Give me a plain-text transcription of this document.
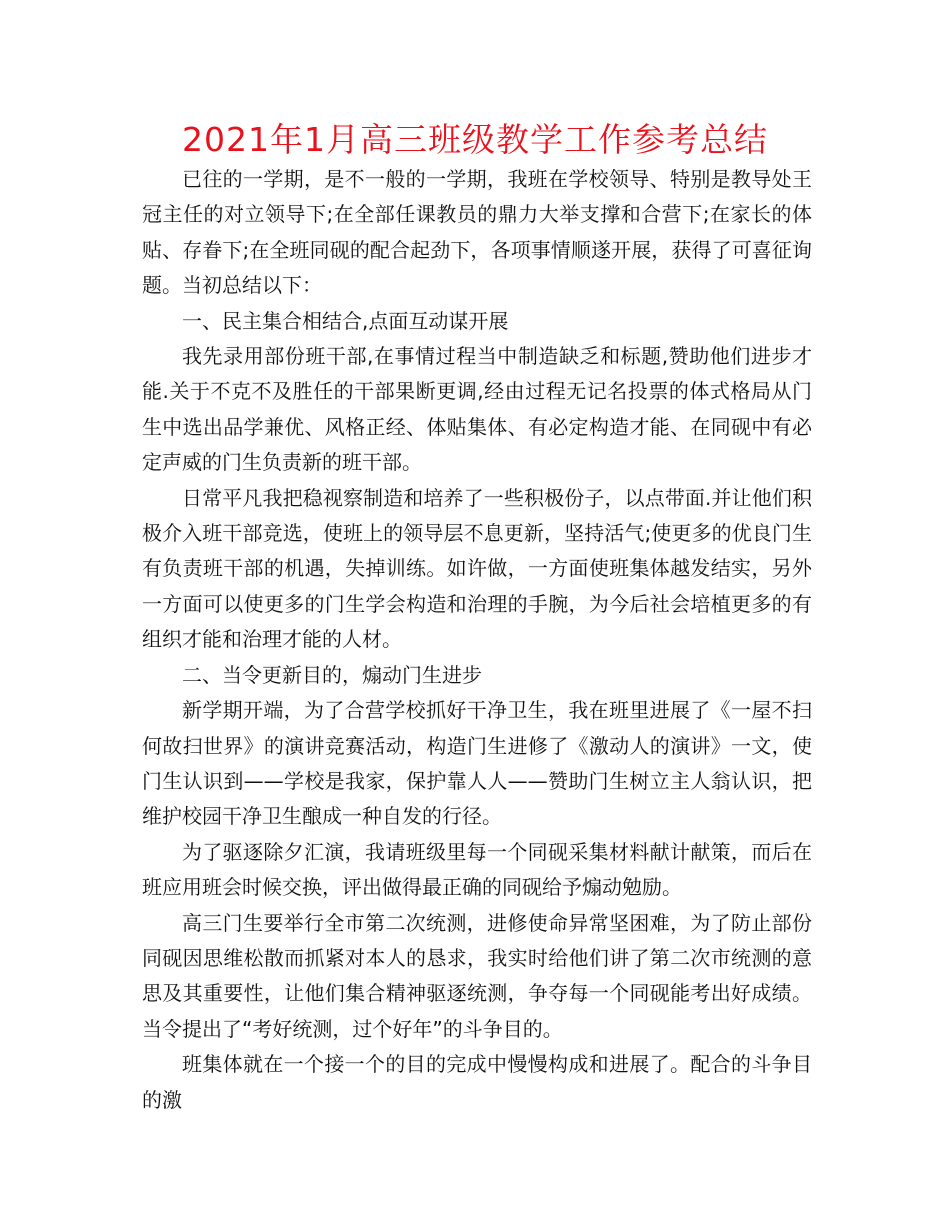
2021年1月高三班级教学工作参考总结

已往的一学期，是不一般的一学期，我班在学校领导、特别是教导处王冠主任的对立领导下;在全部任课教员的鼎力大举支撑和合营下;在家长的体贴、存眷下;在全班同砚的配合起劲下，各项事情顺遂开展，获得了可喜征询题。当初总结以下：

一、民主集合相结合,点面互动谋开展

我先录用部份班干部,在事情过程当中制造缺乏和标题,赞助他们进步才能.关于不克不及胜任的干部果断更调,经由过程无记名投票的体式格局从门生中选出品学兼优、风格正经、体贴集体、有必定构造才能、在同砚中有必定声威的门生负责新的班干部。

日常平凡我把稳视察制造和培养了一些积极份子，以点带面.并让他们积极介入班干部竞选，使班上的领导层不息更新，坚持活气;使更多的优良门生有负责班干部的机遇，失掉训练。如许做，一方面使班集体越发结实，另外一方面可以使更多的门生学会构造和治理的手腕，为今后社会培植更多的有组织才能和治理才能的人材。

二、当令更新目的，煽动门生进步

新学期开端，为了合营学校抓好干净卫生，我在班里进展了《一屋不扫何故扫世界》的演讲竞赛活动，构造门生进修了《激动人的演讲》一文，使门生认识到——学校是我家，保护靠人人——赞助门生树立主人翁认识，把维护校园干净卫生酿成一种自发的行径。

为了驱逐除夕汇演，我请班级里每一个同砚采集材料献计献策，而后在班应用班会时候交换，评出做得最正确的同砚给予煽动勉励。

高三门生要举行全市第二次统测，进修使命异常坚困难，为了防止部份同砚因思维松散而抓紧对本人的恳求，我实时给他们讲了第二次市统测的意思及其重要性，让他们集合精神驱逐统测，争夺每一个同砚能考出好成绩。当令提出了“考好统测，过个好年”的斗争目的。

班集体就在一个接一个的目的完成中慢慢构成和进展了。配合的斗争目的激
